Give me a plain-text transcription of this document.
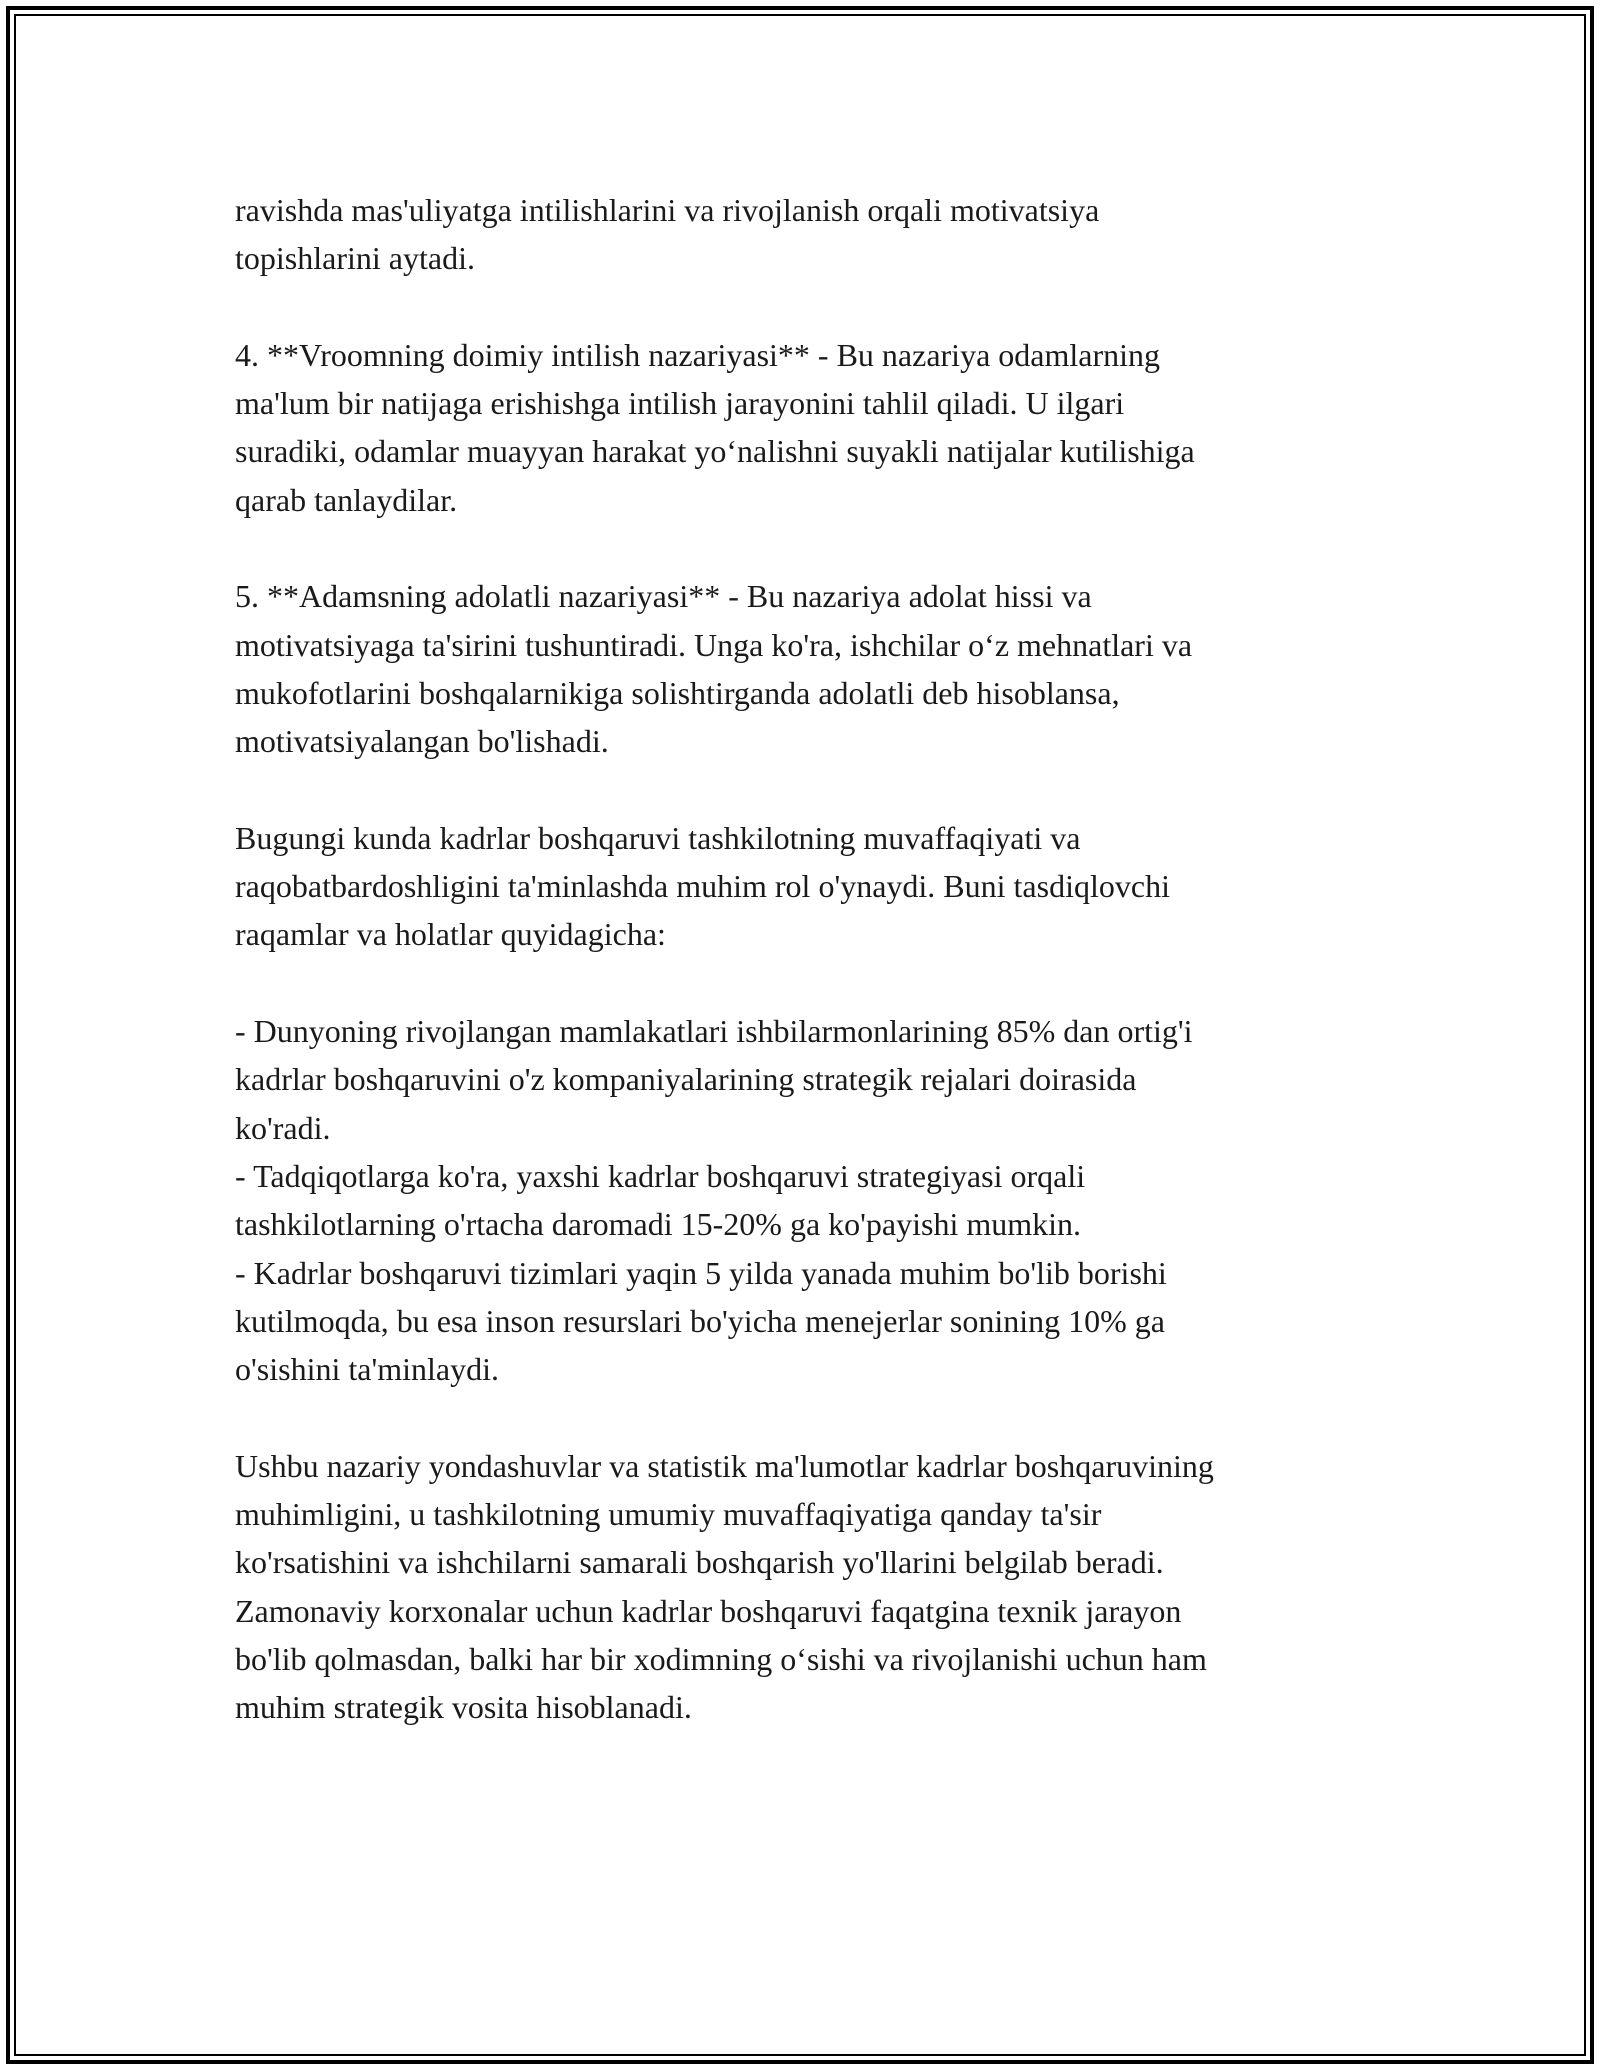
ravishda mas'uliyatga intilishlarini va rivojlanish orqali motivatsiya
topishlarini aytadi.
4. **Vroomning doimiy intilish nazariyasi** - Bu nazariya odamlarning
ma'lum bir natijaga erishishga intilish jarayonini tahlil qiladi. U ilgari
suradiki, odamlar muayyan harakat yo‘nalishni suyakli natijalar kutilishiga
qarab tanlaydilar.
5. **Adamsning adolatli nazariyasi** - Bu nazariya adolat hissi va
motivatsiyaga ta'sirini tushuntiradi. Unga ko'ra, ishchilar o‘z mehnatlari va
mukofotlarini boshqalarnikiga solishtirganda adolatli deb hisoblansa,
motivatsiyalangan bo'lishadi.
Bugungi kunda kadrlar boshqaruvi tashkilotning muvaffaqiyati va
raqobatbardoshligini ta'minlashda muhim rol o'ynaydi. Buni tasdiqlovchi
raqamlar va holatlar quyidagicha:
- Dunyoning rivojlangan mamlakatlari ishbilarmonlarining 85% dan ortig'i
kadrlar boshqaruvini o'z kompaniyalarining strategik rejalari doirasida
ko'radi.
- Tadqiqotlarga ko'ra, yaxshi kadrlar boshqaruvi strategiyasi orqali
tashkilotlarning o'rtacha daromadi 15-20% ga ko'payishi mumkin.
- Kadrlar boshqaruvi tizimlari yaqin 5 yilda yanada muhim bo'lib borishi
kutilmoqda, bu esa inson resurslari bo'yicha menejerlar sonining 10% ga
o'sishini ta'minlaydi.
Ushbu nazariy yondashuvlar va statistik ma'lumotlar kadrlar boshqaruvining
muhimligini, u tashkilotning umumiy muvaffaqiyatiga qanday ta'sir
ko'rsatishini va ishchilarni samarali boshqarish yo'llarini belgilab beradi.
Zamonaviy korxonalar uchun kadrlar boshqaruvi faqatgina texnik jarayon
bo'lib qolmasdan, balki har bir xodimning o‘sishi va rivojlanishi uchun ham
muhim strategik vosita hisoblanadi.
